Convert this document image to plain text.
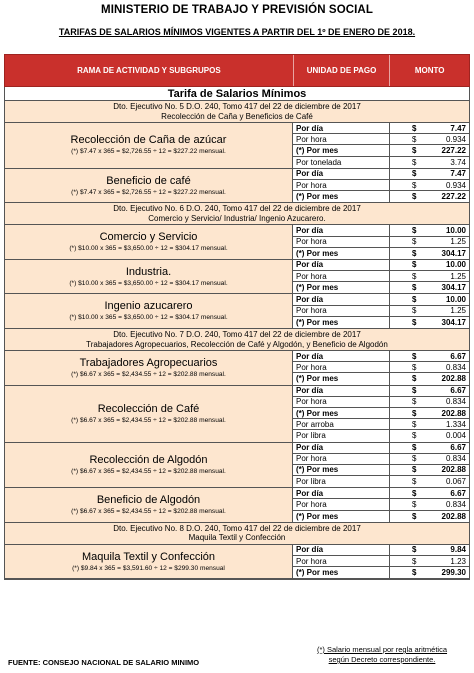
MINISTERIO DE TRABAJO Y PREVISIÓN SOCIAL
TARIFAS DE SALARIOS MÍNIMOS VIGENTES A PARTIR DEL 1º DE ENERO DE 2018.
RAMA DE ACTIVIDAD Y SUBGRUPOS	UNIDAD DE PAGO	MONTO
Tarifa de Salarios Mínimos
Dto. Ejecutivo No. 5 D.O. 240, Tomo 417 del 22 de diciembre de 2017
Recolección de Caña y Beneficios de Café
Recolección de Caña de azúcar
(*) $7.47 x 365 = $2,726.55 ÷ 12 = $227.22 mensual.
Por día	$	7.47
Por hora	$	0.934
(*) Por mes	$	227.22
Por tonelada	$	3.74
Beneficio de café
(*) $7.47 x 365 = $2,726.55 ÷ 12 = $227.22 mensual.
Por día	$	7.47
Por hora	$	0.934
(*) Por mes	$	227.22
Dto. Ejecutivo No. 6 D.O. 240, Tomo 417 del 22 de diciembre de 2017
Comercio y Servicio/ Industria/ Ingenio Azucarero.
Comercio y Servicio
(*) $10.00 x 365 = $3,650.00 ÷ 12 = $304.17 mensual.
Por día	$	10.00
Por hora	$	1.25
(*) Por mes	$	304.17
Industria.
(*) $10.00 x 365 = $3,650.00 ÷ 12 = $304.17 mensual.
Por día	$	10.00
Por hora	$	1.25
(*) Por mes	$	304.17
Ingenio azucarero
(*) $10.00 x 365 = $3,650.00 ÷ 12 = $304.17 mensual.
Por día	$	10.00
Por hora	$	1.25
(*) Por mes	$	304.17
Dto. Ejecutivo No. 7 D.O. 240, Tomo 417 del 22 de diciembre de 2017
Trabajadores Agropecuarios, Recolección de Café y Algodón, y Beneficio de Algodón
Trabajadores Agropecuarios
(*) $6.67 x 365 = $2,434.55 ÷ 12 = $202.88 mensual.
Por día	$	6.67
Por hora	$	0.834
(*) Por mes	$	202.88
Recolección de Café
(*) $6.67 x 365 = $2,434.55 ÷ 12 = $202.88 mensual.
Por día	$	6.67
Por hora	$	0.834
(*) Por mes	$	202.88
Por arroba	$	1.334
Por libra	$	0.004
Recolección de Algodón
(*) $6.67 x 365 = $2,434.55 ÷ 12 = $202.88 mensual.
Por día	$	6.67
Por hora	$	0.834
(*) Por mes	$	202.88
Por libra	$	0.067
Beneficio de Algodón
(*) $6.67 x 365 = $2,434.55 ÷ 12 = $202.88 mensual.
Por día	$	6.67
Por hora	$	0.834
(*) Por mes	$	202.88
Dto. Ejecutivo No. 8 D.O. 240, Tomo 417 del 22 de diciembre de 2017
Maquila Textil y Confección
Maquila Textil y Confección
(*) $9.84 x 365 = $3,591.60 ÷ 12 = $299.30 mensual
Por día	$	9.84
Por hora	$	1.23
(*) Por mes	$	299.30
(*) Salario mensual por regla aritmética
según Decreto correspondiente.
FUENTE: CONSEJO NACIONAL DE SALARIO MINIMO
